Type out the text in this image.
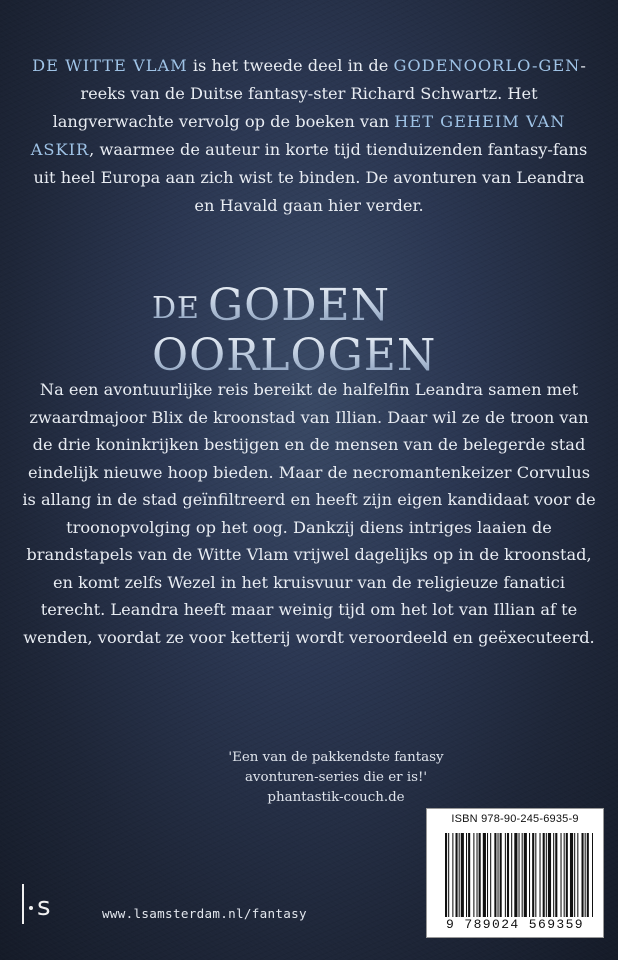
DE WITTE VLAM is het tweede deel in de GODENOORLO-GEN-reeks van de Duitse fantasy-ster Richard Schwartz. Het langverwachte vervolg op de boeken van HET GEHEIM VAN ASKIR, waarmee de auteur in korte tijd tienduizenden fantasy-fans uit heel Europa aan zich wist te binden. De avonturen van Leandra en Havald gaan hier verder.
DE GODEN
OORLOGEN
Na een avontuurlijke reis bereikt de halfelfin Leandra samen met zwaardmajoor Blix de kroonstad van Illian. Daar wil ze de troon van de drie koninkrijken bestijgen en de mensen van de belegerde stad eindelijk nieuwe hoop bieden. Maar de necromantenkeizer Corvulus is allang in de stad geïnfiltreerd en heeft zijn eigen kandidaat voor de troonopvolging op het oog. Dankzij diens intriges laaien de brandstapels van de Witte Vlam vrijwel dagelijks op in de kroonstad, en komt zelfs Wezel in het kruisvuur van de religieuze fanatici terecht. Leandra heeft maar weinig tijd om het lot van Illian af te wenden, voordat ze voor ketterij wordt veroordeeld en geëxecuteerd.
'Een van de pakkendste fantasy
avonturen-series die er is!'
phantastik-couch.de
s	www.lsamsterdam.nl/fantasy
ISBN 978-90-245-6935-9
9 789024 569359
